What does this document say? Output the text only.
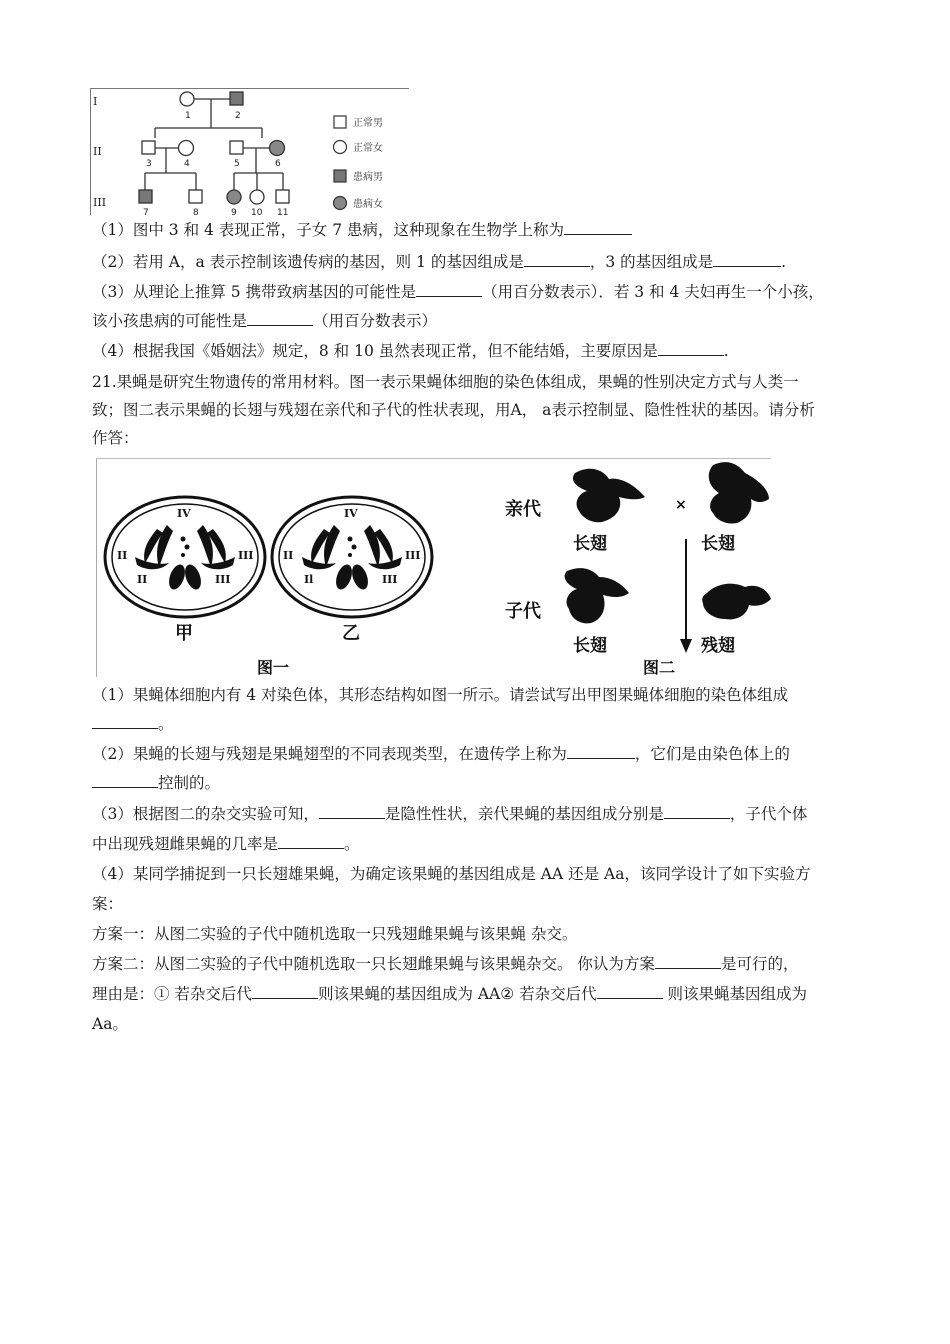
I
II
III
1	2
3	4	5	6
7	8	9 10 11
正常男
正常女
患病男
患病女
（1）图中 3 和 4 表现正常，子女 7 患病，这种现象在生物学上称为
（2）若用 A，a 表示控制该遗传病的基因，则 1 的基因组成是	，3 的基因组成是	.
（3）从理论上推算 5 携带致病基因的可能性是	（用百分数表示）．若 3 和 4 夫妇再生一个小孩，
该小孩患病的可能性是	（用百分数表示）
（4）根据我国《婚姻法》规定，8 和 10 虽然表现正常，但不能结婚，主要原因是	.
21.果蝇是研究生物遗传的常用材料。图一表示果蝇体细胞的染色体组成，果蝇的性别决定方式与人类一
致；图二表示果蝇的长翅与残翅在亲代和子代的性状表现，用A， a表示控制显、隐性性状的基因。请分析
作答：
IV
II
II
III
III
甲
IV
II
Il
III
III
乙
图一
亲代
子代
×
长翅	长翅
长翅	残翅
图二
（1）果蝇体细胞内有 4 对染色体，其形态结构如图一所示。请尝试写出甲图果蝇体细胞的染色体组成
。
（2）果蝇的长翅与残翅是果蝇翅型的不同表现类型，在遗传学上称为	，它们是由染色体上的
控制的。
（3）根据图二的杂交实验可知，	是隐性性状，亲代果蝇的基因组成分别是	，子代个体
中出现残翅雌果蝇的几率是	。
（4）某同学捕捉到一只长翅雄果蝇，为确定该果蝇的基因组成是 AA 还是 Aa，该同学设计了如下实验方
案：
方案一：从图二实验的子代中随机选取一只残翅雌果蝇与该果蝇 杂交。
方案二：从图二实验的子代中随机选取一只长翅雌果蝇与该果蝇杂交。 你认为方案	是可行的，
理由是：① 若杂交后代	则该果蝇的基因组成为 AA② 若杂交后代	则该果蝇基因组成为
Aa。
